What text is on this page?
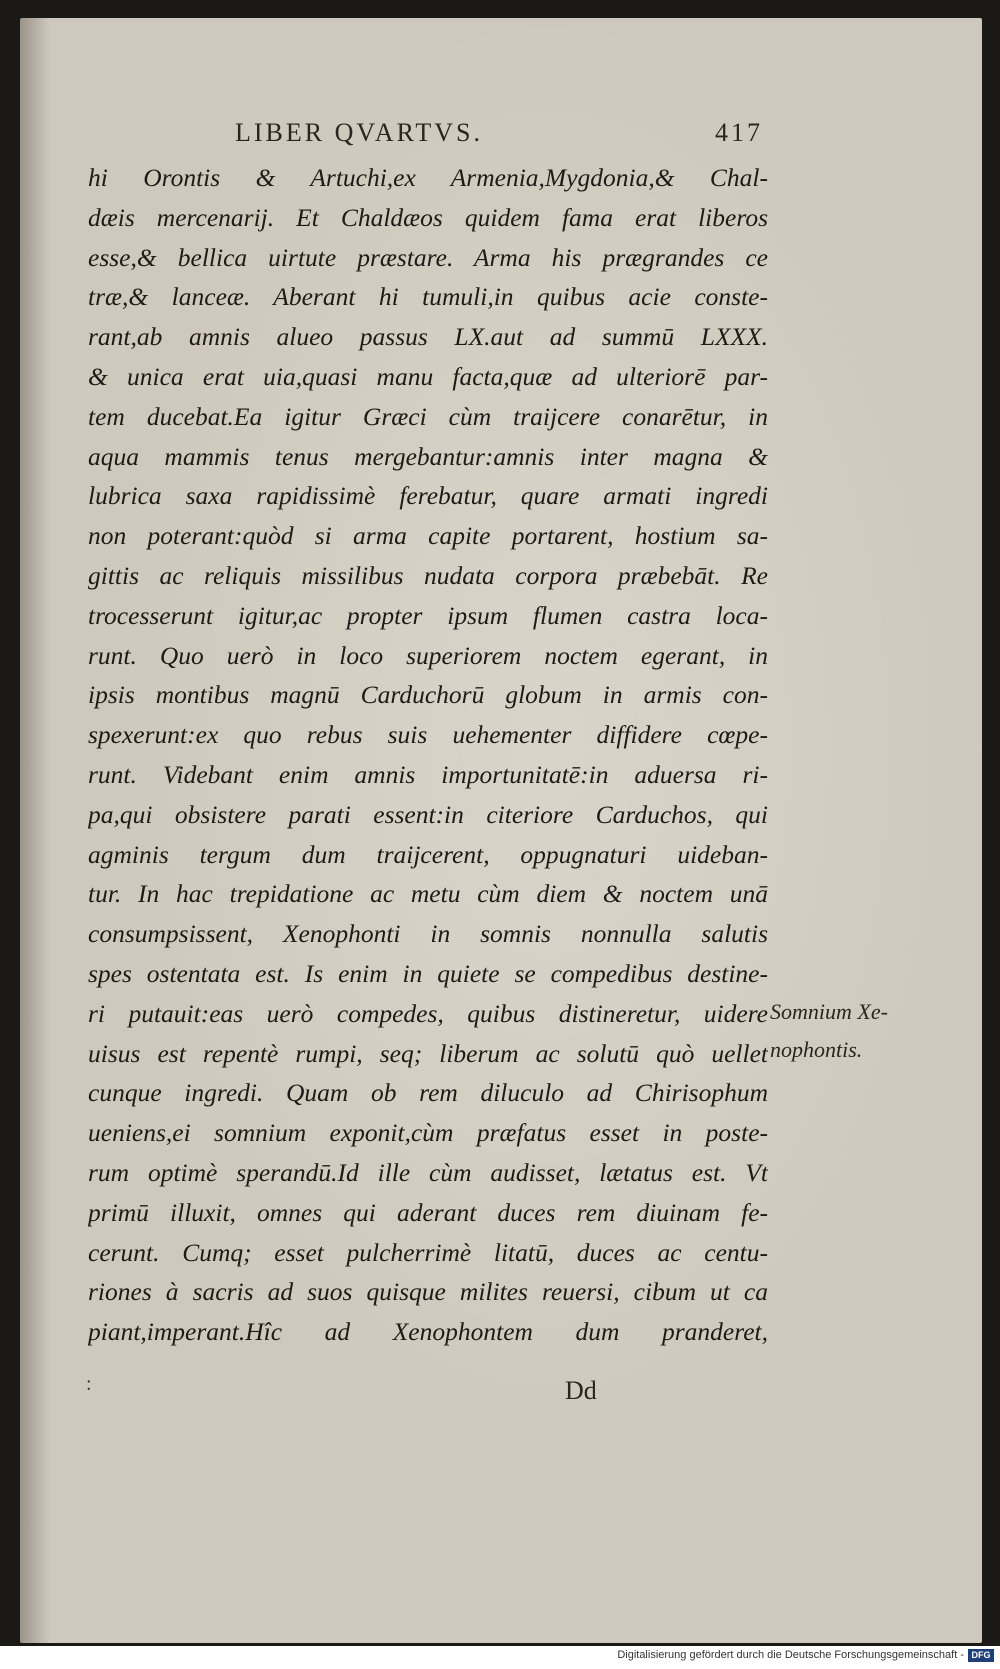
LIBER QVARTVS.	417
hi Orontis & Artuchi,ex Armenia,Mygdonia,& Chal-
dæis mercenarij. Et Chaldæos quidem fama erat liberos
esse,& bellica uirtute præstare. Arma his prægrandes ce
træ,& lanceæ. Aberant hi tumuli,in quibus acie conste-
rant,ab amnis alueo passus LX.aut ad summū LXXX.
& unica erat uia,quasi manu facta,quæ ad ulteriorē par-
tem ducebat.Ea igitur Græci cùm traijcere conarētur, in
aqua mammis tenus mergebantur:amnis inter magna &
lubrica saxa rapidissimè ferebatur, quare armati ingredi
non poterant:quòd si arma capite portarent, hostium sa-
gittis ac reliquis missilibus nudata corpora præbebāt. Re
trocesserunt igitur,ac propter ipsum flumen castra loca-
runt. Quo uerò in loco superiorem noctem egerant, in
ipsis montibus magnū Carduchorū globum in armis con-
spexerunt:ex quo rebus suis uehementer diffidere cœpe-
runt. Videbant enim amnis importunitatē:in aduersa ri-
pa,qui obsistere parati essent:in citeriore Carduchos, qui
agminis tergum dum traijcerent, oppugnaturi uideban-
tur. In hac trepidatione ac metu cùm diem & noctem unā
consumpsissent, Xenophonti in somnis nonnulla salutis
spes ostentata est. Is enim in quiete se compedibus destine-
ri putauit:eas uerò compedes, quibus distineretur, uidere
uisus est repentè rumpi, seq; liberum ac solutū quò uellet
cunque ingredi. Quam ob rem diluculo ad Chirisophum
ueniens,ei somnium exponit,cùm præfatus esset in poste-
rum optimè sperandū.Id ille cùm audisset, lætatus est. Vt
primū illuxit, omnes qui aderant duces rem diuinam fe-
cerunt. Cumq; esset pulcherrimè litatū, duces ac centu-
riones à sacris ad suos quisque milites reuersi, cibum ut ca
piant,imperant.Hîc ad Xenophontem dum pranderet,
Somnium Xe-
nophontis.
:	Dd
Digitalisierung gefördert durch die Deutsche Forschungsgemeinschaft - DFG
